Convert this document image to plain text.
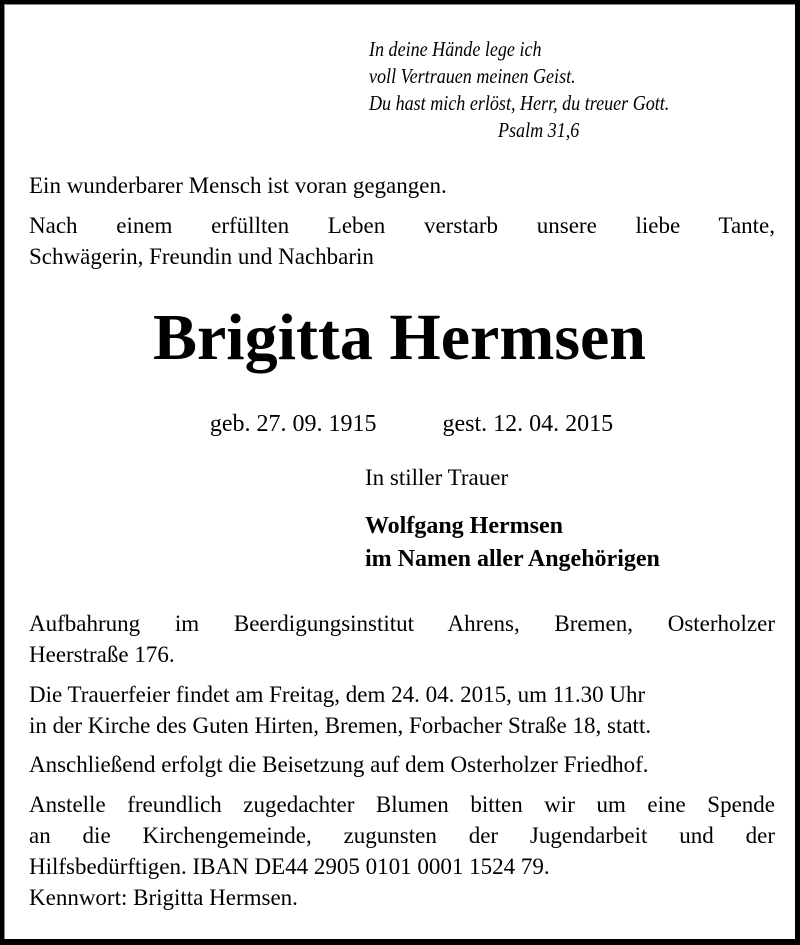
In deine Hände lege ich
voll Vertrauen meinen Geist.
Du hast mich erlöst, Herr, du treuer Gott.
Psalm 31,6
Ein wunderbarer Mensch ist voran gegangen.
Nach einem erfüllten Leben verstarb unsere liebe Tante,
Schwägerin, Freundin und Nachbarin
Brigitta Hermsen

geb. 27. 09. 1915	gest. 12. 04. 2015

In stiller Trauer
Wolfgang Hermsen
im Namen aller Angehörigen
Aufbahrung im Beerdigungsinstitut Ahrens, Bremen, Osterholzer
Heerstraße 176.
Die Trauerfeier findet am Freitag, dem 24. 04. 2015, um 11.30 Uhr
in der Kirche des Guten Hirten, Bremen, Forbacher Straße 18, statt.
Anschließend erfolgt die Beisetzung auf dem Osterholzer Friedhof.
Anstelle freundlich zugedachter Blumen bitten wir um eine Spende
an die Kirchengemeinde, zugunsten der Jugendarbeit und der
Hilfsbedürftigen. IBAN DE44 2905 0101 0001 1524 79.
Kennwort: Brigitta Hermsen.
